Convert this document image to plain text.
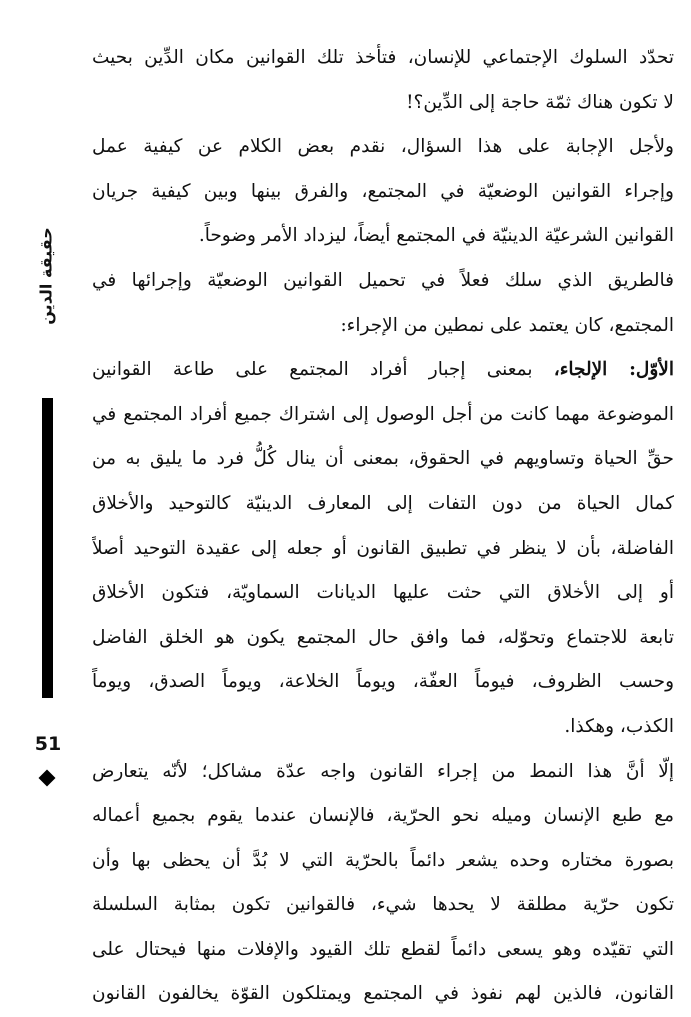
حقيقة الدين
51
تحدّد السلوك الإجتماعي للإنسان، فتأخذ تلك القوانين مكان الدِّين بحيث
لا تكون هناك ثمّة حاجة إلى الدِّين؟!
ولأجل الإجابة على هذا السؤال، نقدم بعض الكلام عن كيفية عمل
وإجراء القوانين الوضعيّة في المجتمع، والفرق بينها وبين كيفية جريان
القوانين الشرعيّة الدينيّة في المجتمع أيضاً، ليزداد الأمر وضوحاً.
فالطريق الذي سلك فعلاً في تحميل القوانين الوضعيّة وإجرائها في
المجتمع، كان يعتمد على نمطين من الإجراء:
الأوّل: الإلجاء، بمعنى إجبار أفراد المجتمع على طاعة القوانين
الموضوعة مهما كانت من أجل الوصول إلى اشتراك جميع أفراد المجتمع في
حقِّ الحياة وتساويهم في الحقوق، بمعنى أن ينال كُلُّ فرد ما يليق به من
كمال الحياة من دون التفات إلى المعارف الدينيّة كالتوحيد والأخلاق
الفاضلة، بأن لا ينظر في تطبيق القانون أو جعله إلى عقيدة التوحيد أصلاً
أو إلى الأخلاق التي حثت عليها الديانات السماويّة، فتكون الأخلاق
تابعة للاجتماع وتحوّله، فما وافق حال المجتمع يكون هو الخلق الفاضل
وحسب الظروف، فيوماً العفّة، ويوماً الخلاعة، ويوماً الصدق، ويوماً
الكذب، وهكذا.
إلّا أنَّ هذا النمط من إجراء القانون واجه عدّة مشاكل؛ لأنّه يتعارض
مع طبع الإنسان وميله نحو الحرّية، فالإنسان عندما يقوم بجميع أعماله
بصورة مختاره وحده يشعر دائماً بالحرّية التي لا بُدَّ أن يحظى بها وأن
تكون حرّية مطلقة لا يحدها شيء، فالقوانين تكون بمثابة السلسلة
التي تقيّده وهو يسعى دائماً لقطع تلك القيود والإفلات منها فيحتال على
القانون، فالذين لهم نفوذ في المجتمع ويمتلكون القوّة يخالفون القانون
